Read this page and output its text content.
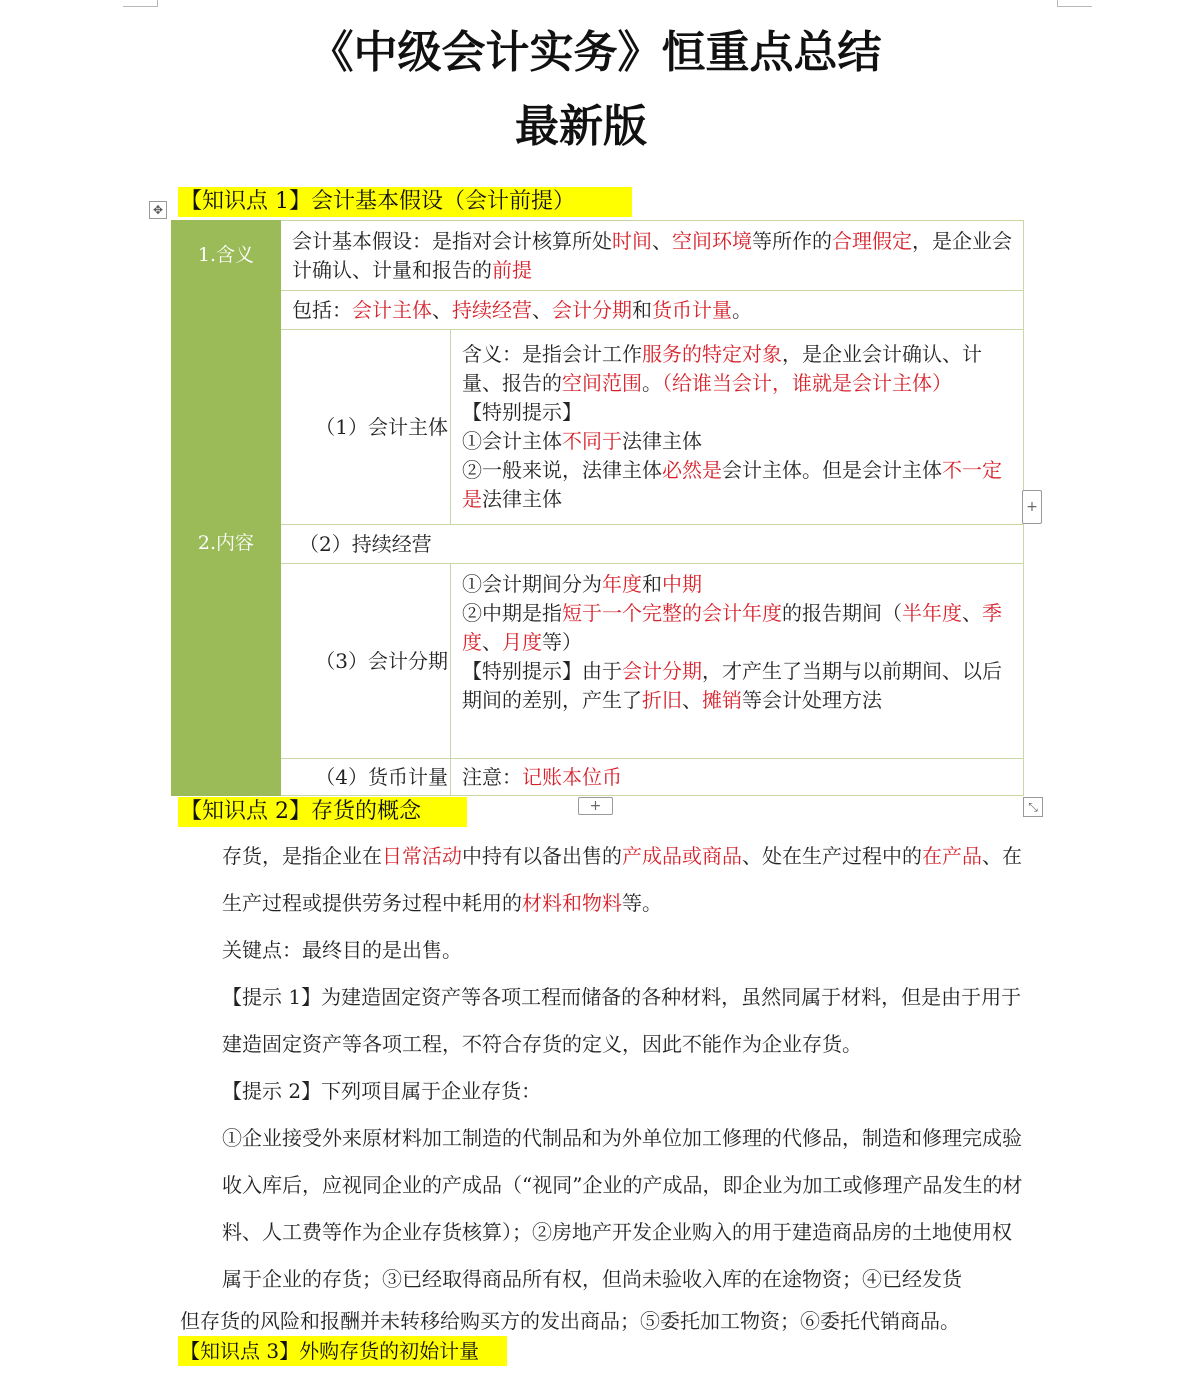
《中级会计实务》恒重点总结
最新版
【知识点 1】会计基本假设（会计前提）
✥
1.含义	会计基本假设：是指对会计核算所处时间、空间环境等所作的合理假定，是企业会计确认、计量和报告的前提	
2.内容	包括：会计主体、持续经营、会计分期和货币计量。	
	（1）会计主体	含义：是指会计工作服务的特定对象，是企业会计确认、计量、报告的空间范围。（给谁当会计，谁就是会计主体）
【特别提示】
①会计主体不同于法律主体
②一般来说，法律主体必然是会计主体。但是会计主体不一定是法律主体

	（2）持续经营	
	（3）会计分期	①会计期间分为年度和中期
②中期是指短于一个完整的会计年度的报告期间（半年度、季度、月度等）
【特别提示】由于会计分期，才产生了当期与以前期间、以后期间的差别，产生了折旧、摊销等会计处理方法

	（4）货币计量	注意：记账本位币
+
+	⤡
【知识点 2】存货的概念
存货，是指企业在日常活动中持有以备出售的产成品或商品、处在生产过程中的在产品、在生产过程或提供劳务过程中耗用的材料和物料等。
关键点：最终目的是出售。
【提示 1】为建造固定资产等各项工程而储备的各种材料，虽然同属于材料，但是由于用于建造固定资产等各项工程，不符合存货的定义，因此不能作为企业存货。
【提示 2】下列项目属于企业存货：
①企业接受外来原材料加工制造的代制品和为外单位加工修理的代修品，制造和修理完成验收入库后，应视同企业的产成品（“视同”企业的产成品，即企业为加工或修理产品发生的材料、人工费等作为企业存货核算）；②房地产开发企业购入的用于建造商品房的土地使用权属于企业的存货；③已经取得商品所有权，但尚未验收入库的在途物资；④已经发货
但存货的风险和报酬并未转移给购买方的发出商品；⑤委托加工物资；⑥委托代销商品。
【知识点 3】外购存货的初始计量
